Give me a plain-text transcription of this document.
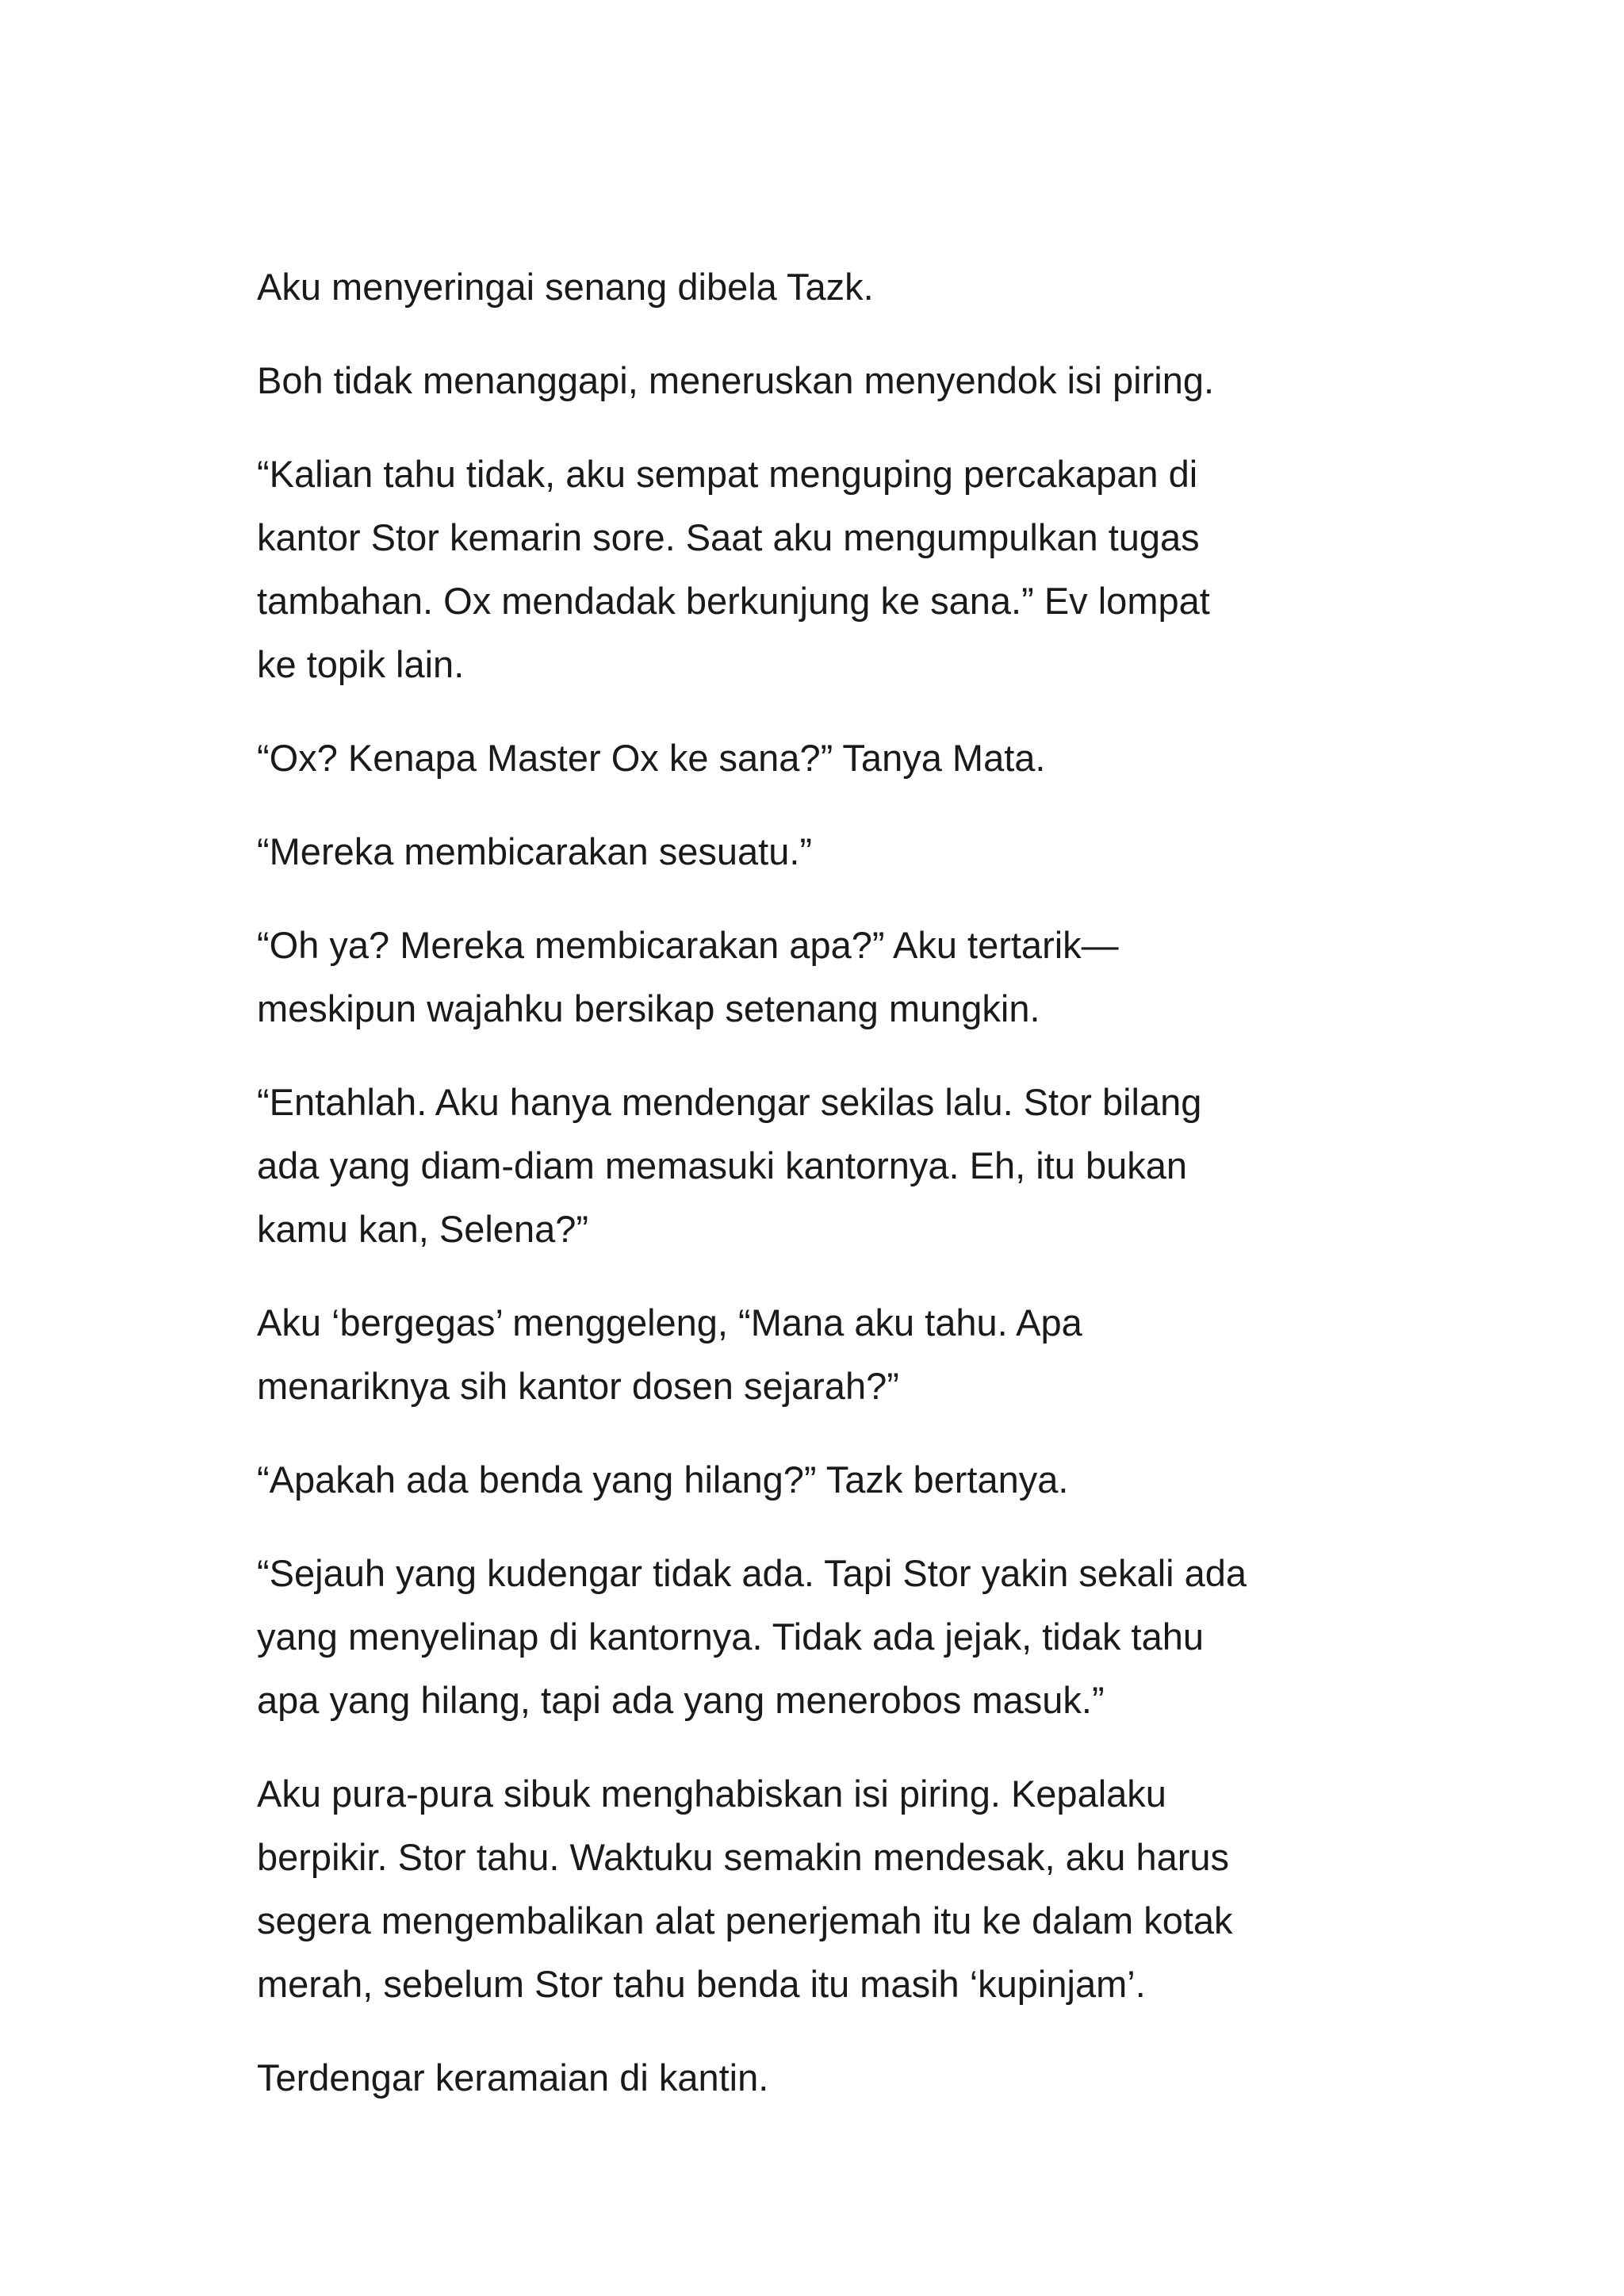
Aku menyeringai senang dibela Tazk.

Boh tidak menanggapi, meneruskan menyendok isi piring.

“Kalian tahu tidak, aku sempat menguping percakapan di
kantor Stor kemarin sore. Saat aku mengumpulkan tugas
tambahan. Ox mendadak berkunjung ke sana.” Ev lompat
ke topik lain.

“Ox? Kenapa Master Ox ke sana?” Tanya Mata.

“Mereka membicarakan sesuatu.”

“Oh ya? Mereka membicarakan apa?” Aku tertarik—
meskipun wajahku bersikap setenang mungkin.

“Entahlah. Aku hanya mendengar sekilas lalu. Stor bilang
ada yang diam-diam memasuki kantornya. Eh, itu bukan
kamu kan, Selena?”

Aku ‘bergegas’ menggeleng, “Mana aku tahu. Apa
menariknya sih kantor dosen sejarah?”

“Apakah ada benda yang hilang?” Tazk bertanya.

“Sejauh yang kudengar tidak ada. Tapi Stor yakin sekali ada
yang menyelinap di kantornya. Tidak ada jejak, tidak tahu
apa yang hilang, tapi ada yang menerobos masuk.”

Aku pura-pura sibuk menghabiskan isi piring. Kepalaku
berpikir. Stor tahu. Waktuku semakin mendesak, aku harus
segera mengembalikan alat penerjemah itu ke dalam kotak
merah, sebelum Stor tahu benda itu masih ‘kupinjam’.

Terdengar keramaian di kantin.
